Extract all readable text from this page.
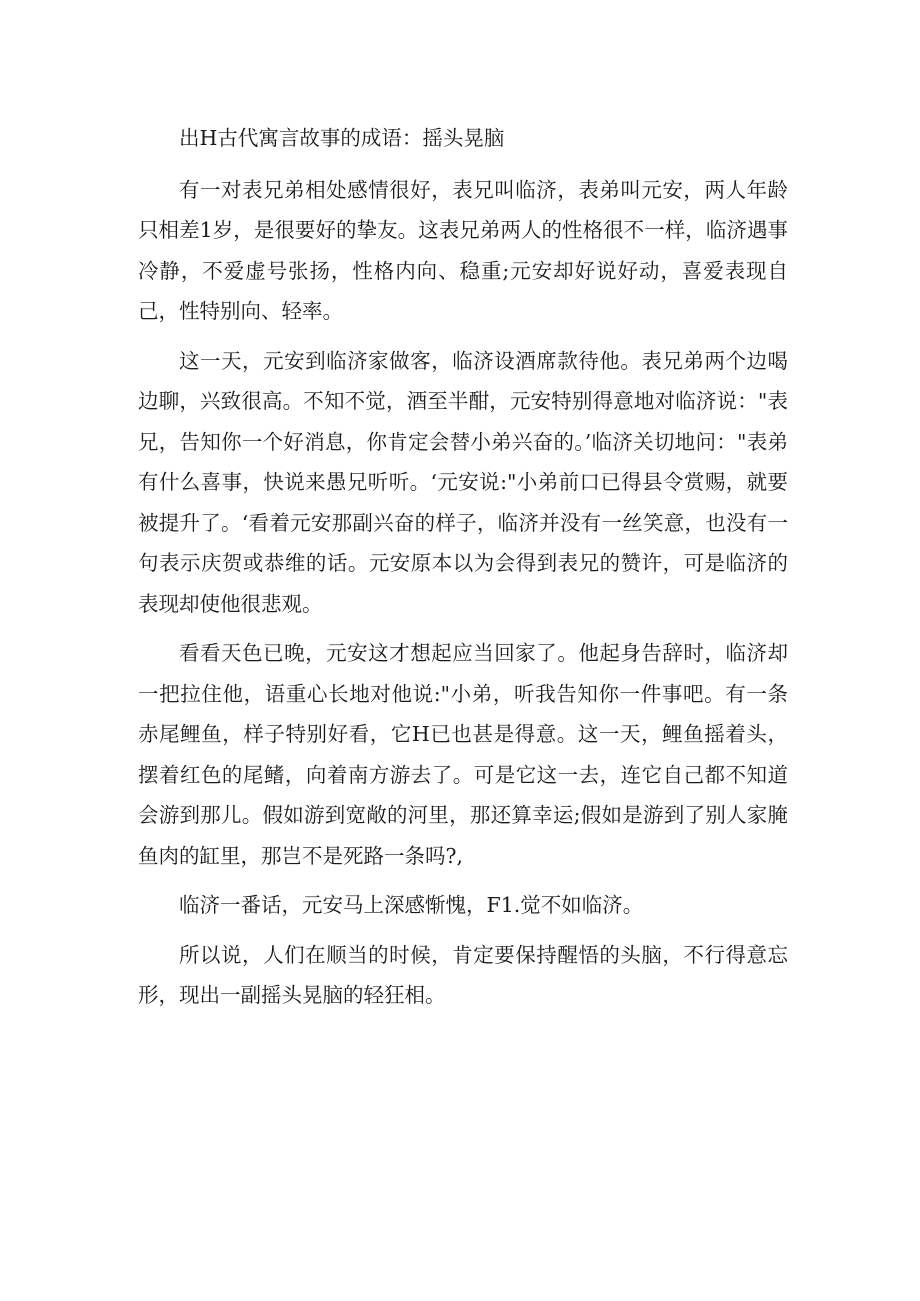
出H古代寓言故事的成语：摇头晃脑

有一对表兄弟相处感情很好，表兄叫临济，表弟叫元安，两人年龄只相差1岁，是很要好的挚友。这表兄弟两人的性格很不一样，临济遇事冷静，不爱虚号张扬，性格内向、稳重;元安却好说好动，喜爱表现自己，性特别向、轻率。

这一天，元安到临济家做客，临济设酒席款待他。表兄弟两个边喝边聊，兴致很高。不知不觉，酒至半酣，元安特别得意地对临济说："表兄，告知你一个好消息，你肯定会替小弟兴奋的。’临济关切地问："表弟有什么喜事，快说来愚兄听听。‘元安说:"小弟前口已得县令赏赐，就要被提升了。‘看着元安那副兴奋的样子，临济并没有一丝笑意，也没有一句表示庆贺或恭维的话。元安原本以为会得到表兄的赞许，可是临济的表现却使他很悲观。

看看天色已晚，元安这才想起应当回家了。他起身告辞时，临济却一把拉住他，语重心长地对他说:"小弟，听我告知你一件事吧。有一条赤尾鲤鱼，样子特别好看，它H已也甚是得意。这一天，鲤鱼摇着头，摆着红色的尾鳍，向着南方游去了。可是它这一去，连它自己都不知道会游到那儿。假如游到宽敞的河里，那还算幸运;假如是游到了别人家腌鱼肉的缸里，那岂不是死路一条吗?,

临济一番话，元安马上深感惭愧，F1.觉不如临济。

所以说，人们在顺当的时候，肯定要保持醒悟的头脑，不行得意忘形，现出一副摇头晃脑的轻狂相。
